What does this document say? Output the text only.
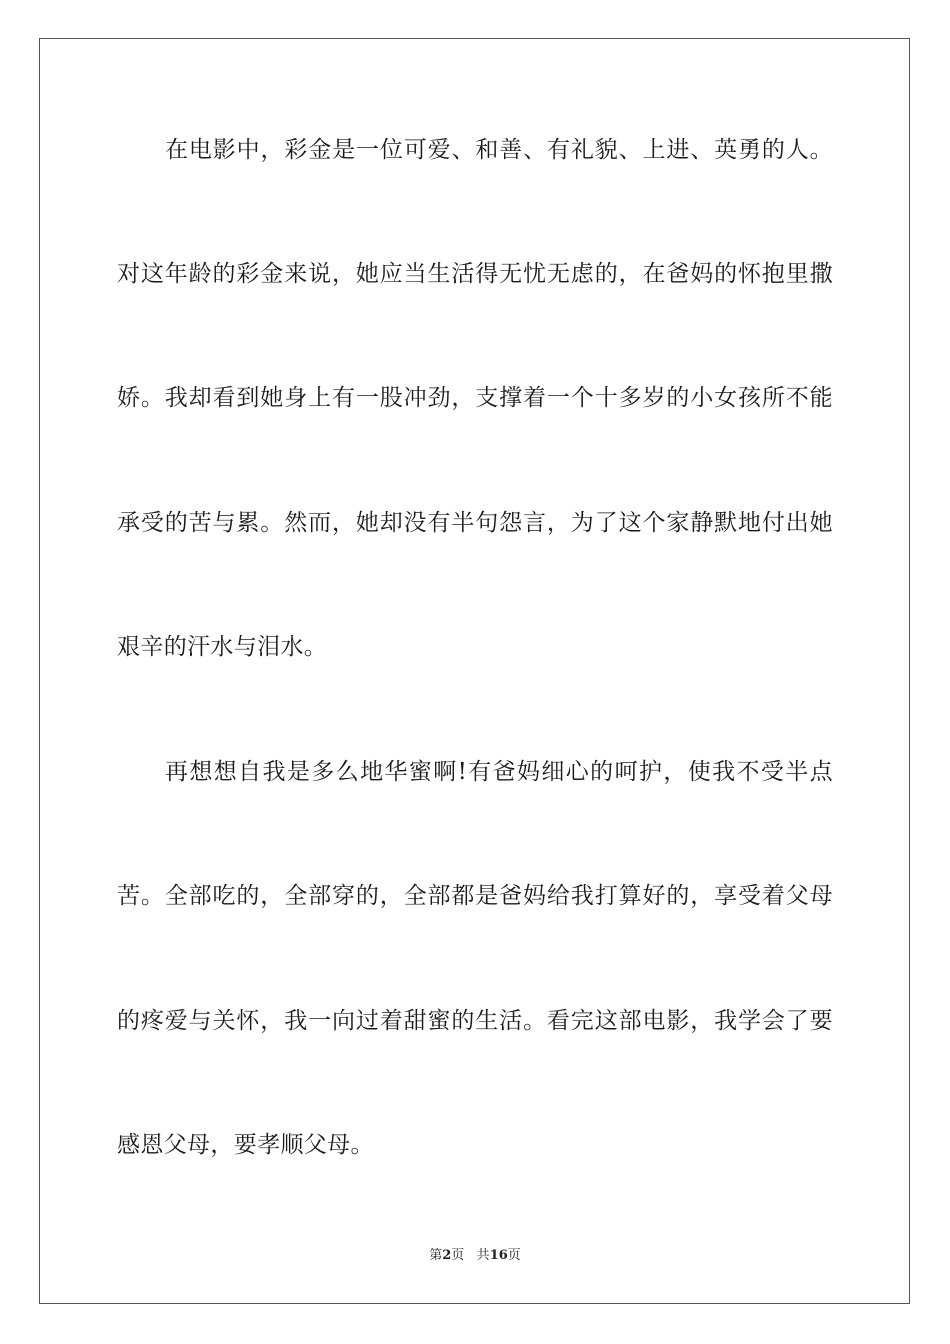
在电影中，彩金是一位可爱、和善、有礼貌、上进、英勇的人。
对这年龄的彩金来说，她应当生活得无忧无虑的，在爸妈的怀抱里撒
娇。我却看到她身上有一股冲劲，支撑着一个十多岁的小女孩所不能
承受的苦与累。然而，她却没有半句怨言，为了这个家静默地付出她
艰辛的汗水与泪水。
再想想自我是多么地华蜜啊!有爸妈细心的呵护，使我不受半点
苦。全部吃的，全部穿的，全部都是爸妈给我打算好的，享受着父母
的疼爱与关怀，我一向过着甜蜜的生活。看完这部电影，我学会了要
感恩父母，要孝顺父母。
第2页 共16页
